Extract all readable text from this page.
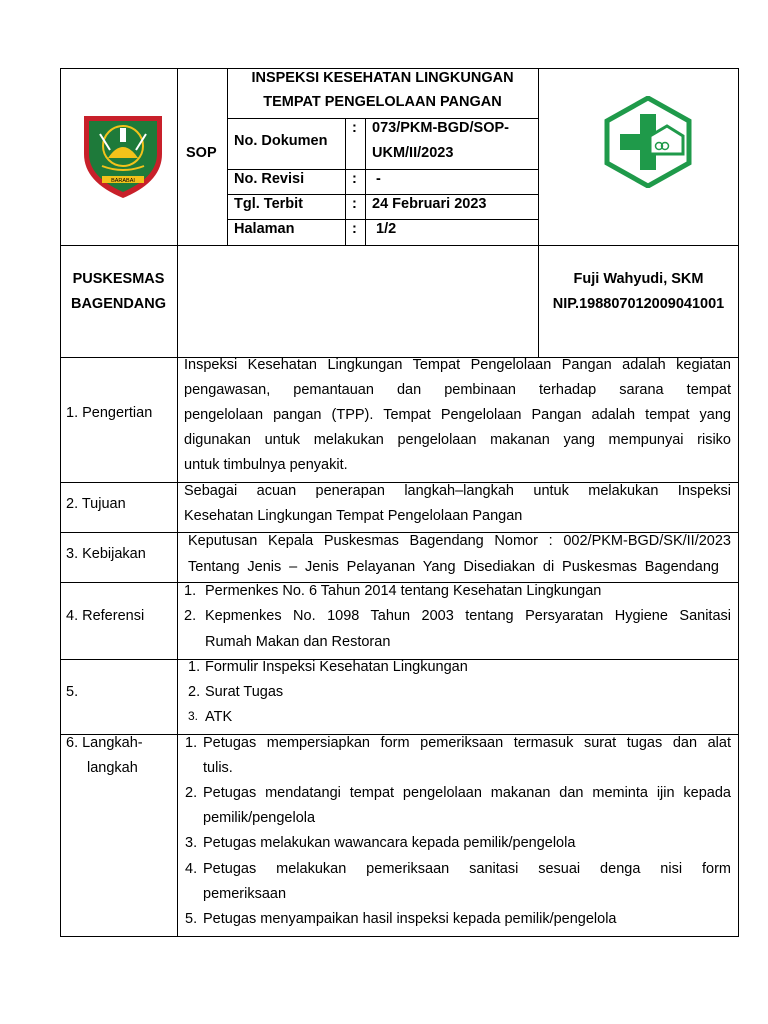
BARABAI
SOP
INSPEKSI KESEHATAN LINGKUNGAN
TEMPAT PENGELOLAAN PANGAN
No. Dokumen
: 073/PKM-BGD/SOP-
UKM/II/2023
No. Revisi	: -
Tgl. Terbit	: 24 Februari 2023
Halaman	: 1/2
PUSKESMAS
BAGENDANG
Fuji Wahyudi, SKM
NIP.198807012009041001
1. Pengertian
Inspeksi Kesehatan Lingkungan Tempat Pengelolaan Pangan adalah kegiatan
pengawasan, pemantauan dan pembinaan terhadap sarana tempat
pengelolaan pangan (TPP). Tempat Pengelolaan Pangan adalah tempat yang
digunakan untuk melakukan pengelolaan makanan yang mempunyai risiko
untuk timbulnya penyakit.
2. Tujuan
Sebagai acuan penerapan langkah–langkah untuk melakukan Inspeksi
Kesehatan Lingkungan Tempat Pengelolaan Pangan
3. Kebijakan
Keputusan Kepala Puskesmas Bagendang Nomor : 002/PKM-BGD/SK/II/2023
Tentang Jenis – Jenis Pelayanan Yang Disediakan di Puskesmas Bagendang
4. Referensi
1. Permenkes No. 6 Tahun 2014 tentang Kesehatan Lingkungan
2. Kepmenkes No. 1098 Tahun 2003 tentang Persyaratan Hygiene Sanitasi
Rumah Makan dan Restoran
5.
1. Formulir Inspeksi Kesehatan Lingkungan
2. Surat Tugas
3. ATK
6. Langkah-
langkah
1. Petugas mempersiapkan form pemeriksaan termasuk surat tugas dan alat
tulis.
2. Petugas mendatangi tempat pengelolaan makanan dan meminta ijin kepada
pemilik/pengelola
3. Petugas melakukan wawancara kepada pemilik/pengelola
4. Petugas melakukan pemeriksaan sanitasi sesuai denga nisi form
pemeriksaan
5. Petugas menyampaikan hasil inspeksi kepada pemilik/pengelola
